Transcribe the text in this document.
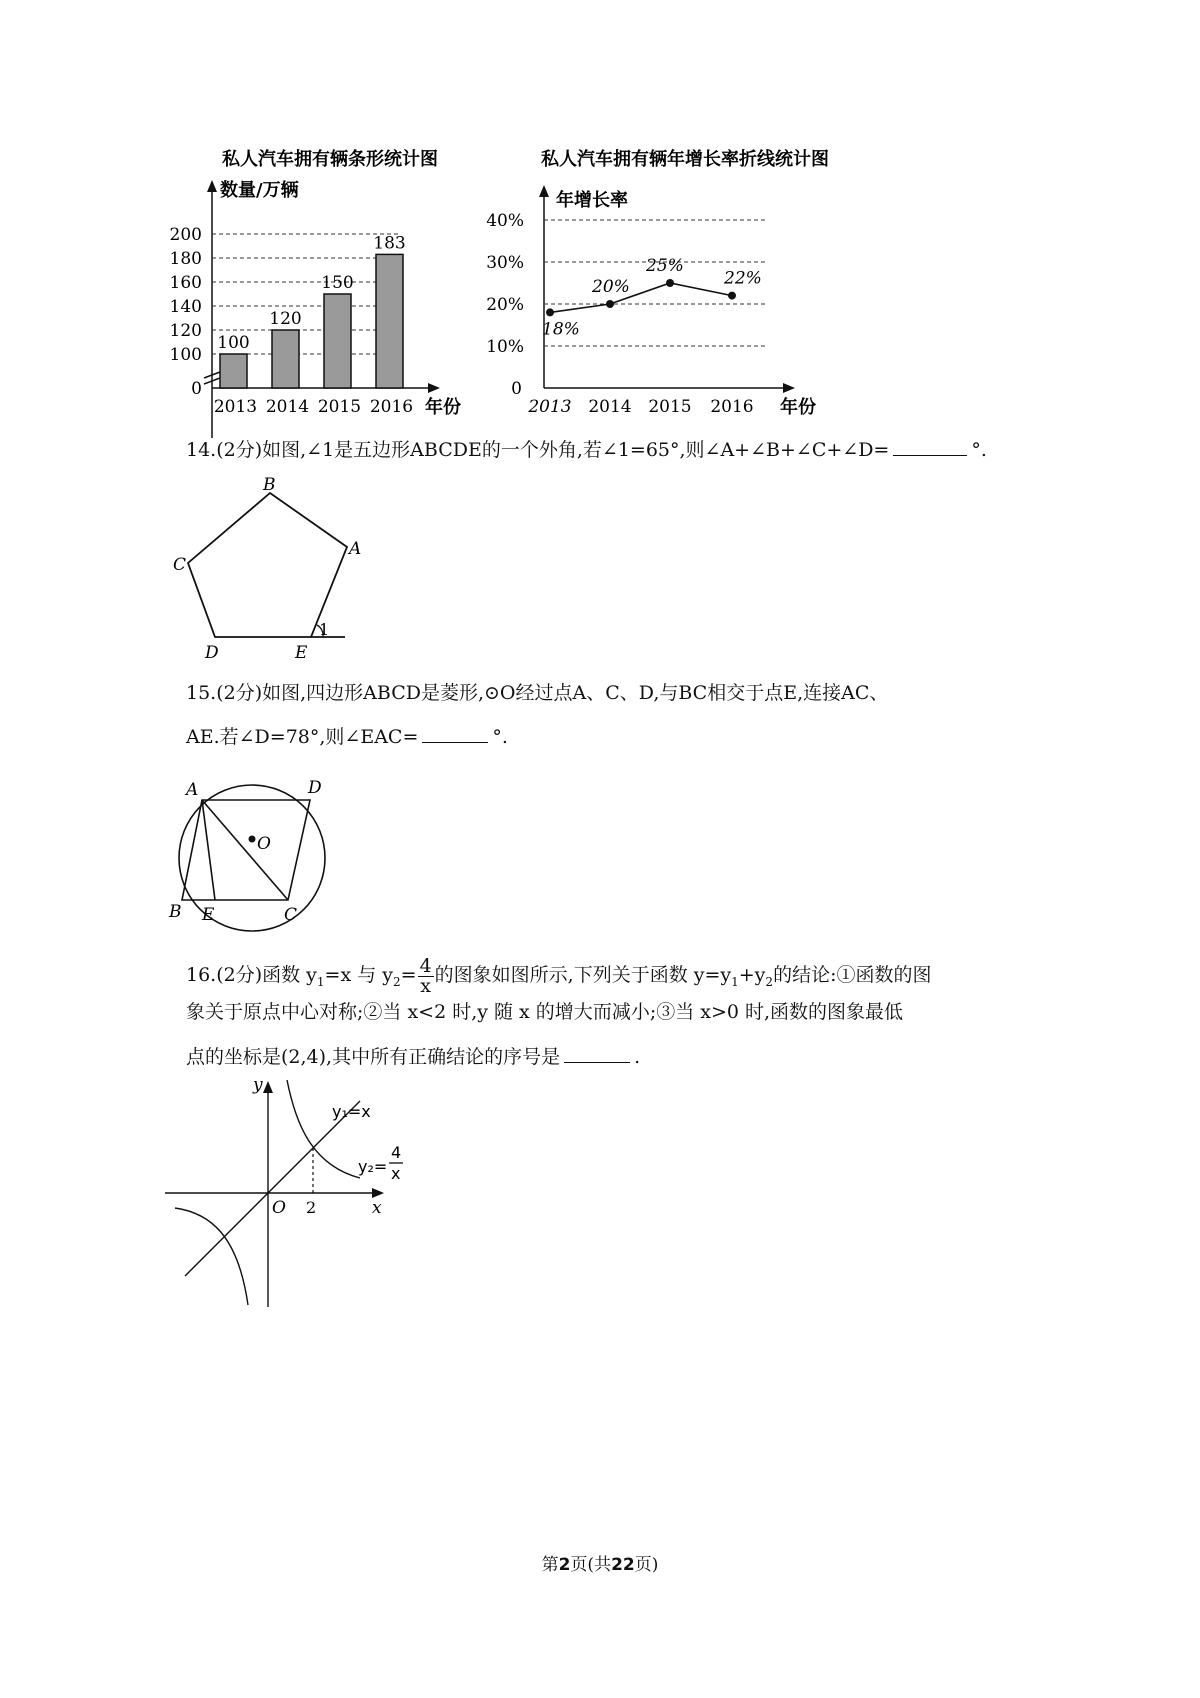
私人汽车拥有辆条形统计图
数量/万辆
0
100
120
140
160
180
200
100
120
150
183
2013 2014 2015 2016 年份
私人汽车拥有辆年增长率折线统计图
年增长率
0
10%
20%
30%
40%
18%
20%
25%
22%
2013 2014 2015 2016 年份
14.(2分)如图,∠1是五边形ABCDE的一个外角,若∠1=65°,则∠A+∠B+∠C+∠D=	°.
B
A
C
D	E
1
15.(2分)如图,四边形ABCD是菱形,⊙O经过点A、C、D,与BC相交于点E,连接AC、
AE.若∠D=78°,则∠EAC=	°.
A	D
O
B E	C
16.(2分)函数 $y_1=x$ 与 $y_2= \frac{4}{x}$ 的图象如图所示,下列关于函数 $y=y_1+y_2$的结论:①函数的图
象关于原点中心对称;②当 x<2 时,y 随 x 的增大而减小;③当 x>0 时,函数的图象最低
点的坐标是(2,4),其中所有正确结论的序号是	.
y
x
O 2
y₁=x
y₂=
4
x
第2页(共22页)
